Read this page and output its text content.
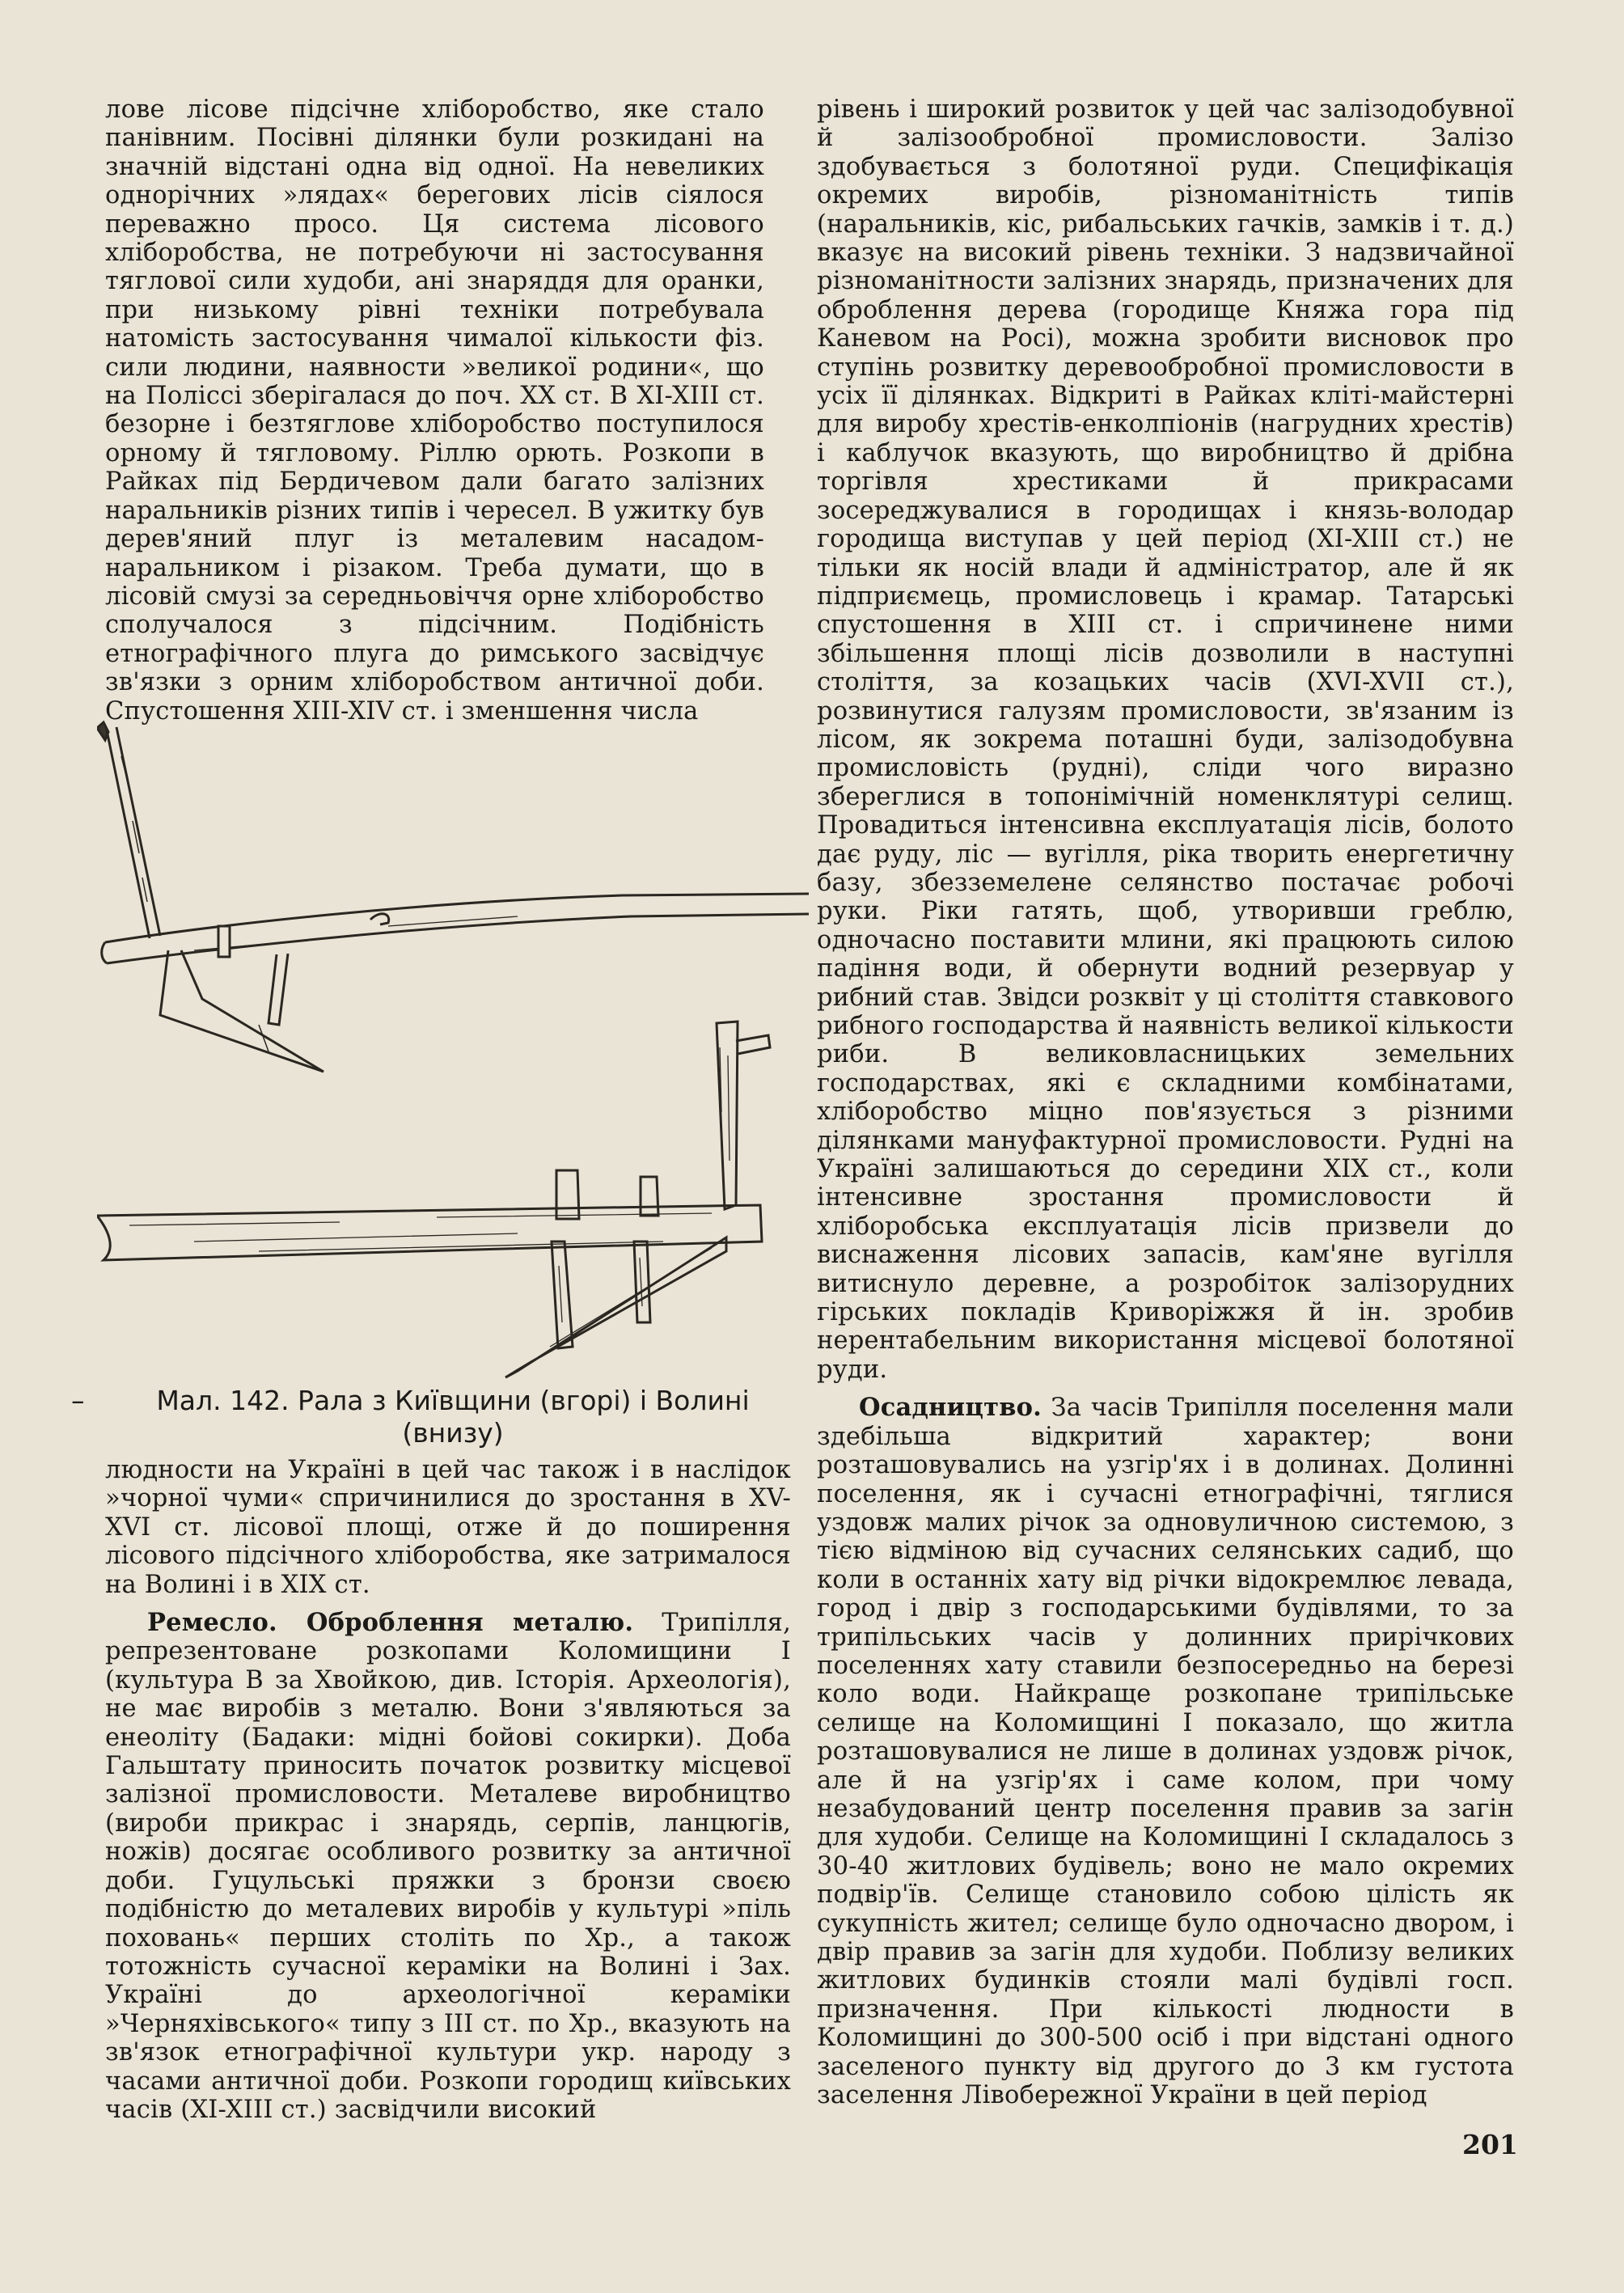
лове лісове підсічне хліборобство, яке стало панівним. Посівні ділянки були розкидані на значній відстані одна від одної. На невеликих однорічних »лядах« берегових лісів сіялося переважно просо. Ця система лісового хліборобства, не потребуючи ні застосування тяглової сили худоби, ані знаряддя для оранки, при низькому рівні техніки потребувала натомість застосування чималої кількости фіз. сили людини, наявности »великої родини«, що на Поліссі зберігалася до поч. XX ст. В XI-XIII ст. безорне і безтяглове хліборобство поступилося орному й тягловому. Ріллю орють. Розкопи в Райках під Бердичевом дали багато залізних наральників різних типів і чересел. В ужитку був дерев'яний плуг із металевим насадом-наральником і різаком. Треба думати, що в лісовій смузі за середньовіччя орне хліборобство сполучалося з підсічним. Подібність етнографічного плуга до римського засвідчує зв'язки з орним хліборобством античної доби. Спустошення XIII-XIV ст. і зменшення числа

–	Мал. 142. Рала з Київщини (вгорі) і Волині (внизу)

людности на Україні в цей час також і в наслідок »чорної чуми« спричинилися до зростання в XV-XVI ст. лісової площі, отже й до поширення лісового підсічного хліборобства, яке затрималося на Волині і в XIX ст.

Ремесло. Оброблення металю. Трипілля, репрезентоване розкопами Коломищини I (культура B за Хвойкою, див. Історія. Археологія), не має виробів з металю. Вони з'являються за енеоліту (Бадаки: мідні бойові сокирки). Доба Гальштату приносить початок розвитку місцевої залізної промисловости. Металеве виробництво (вироби прикрас і знарядь, серпів, ланцюгів, ножів) досягає особливого розвитку за античної доби. Гуцульські пряжки з бронзи своєю подібністю до металевих виробів у культурі »піль поховань« перших століть по Хр., а також тотожність сучасної кераміки на Волині і Зах. Україні до археологічної кераміки »Черняхівського« типу з III ст. по Хр., вказують на зв'язок етнографічної культури укр. народу з часами античної доби. Розкопи городищ київських часів (XI-XIII ст.) засвідчили високий

рівень і широкий розвиток у цей час залізодобувної й залізообробної промисловости. Залізо здобувається з болотяної руди. Специфікація окремих виробів, різноманітність типів (наральників, кіс, рибальських гачків, замків і т. д.) вказує на високий рівень техніки. З надзвичайної різноманітности залізних знарядь, призначених для оброблення дерева (городище Княжа гора під Каневом на Росі), можна зробити висновок про ступінь розвитку деревообробної промисловости в усіх її ділянках. Відкриті в Райках кліті-майстерні для виробу хрестів-енколпіонів (нагрудних хрестів) і каблучок вказують, що виробництво й дрібна торгівля хрестиками й прикрасами зосереджувалися в городищах і князь-володар городища виступав у цей період (XI-XIII ст.) не тільки як носій влади й адміністратор, але й як підприємець, промисловець і крамар. Татарські спустошення в XIII ст. і спричинене ними збільшення площі лісів дозволили в наступні століття, за козацьких часів (XVI-XVII ст.), розвинутися галузям промисловости, зв'язаним із лісом, як зокрема поташні буди, залізодобувна промисловість (рудні), сліди чого виразно збереглися в топонімічній номенклятурі селищ. Провадиться інтенсивна експлуатація лісів, болото дає руду, ліс — вугілля, ріка творить енергетичну базу, збезземелене селянство постачає робочі руки. Ріки гатять, щоб, утворивши греблю, одночасно поставити млини, які працюють силою падіння води, й обернути водний резервуар у рибний став. Звідси розквіт у ці століття ставкового рибного господарства й наявність великої кількости риби. В великовласницьких земельних господарствах, які є складними комбінатами, хліборобство міцно пов'язується з різними ділянками мануфактурної промисловости. Рудні на Україні залишаються до середини XIX ст., коли інтенсивне зростання промисловости й хліборобська експлуатація лісів призвели до виснаження лісових запасів, кам'яне вугілля витиснуло деревне, а розробіток залізорудних гірських покладів Криворіжжя й ін. зробив нерентабельним використання місцевої болотяної руди.

Осадництво. За часів Трипілля поселення мали здебільша відкритий характер; вони розташовувались на узгір'ях і в долинах. Долинні поселення, як і сучасні етнографічні, тяглися уздовж малих річок за одновуличною системою, з тією відміною від сучасних селянських садиб, що коли в останніх хату від річки відокремлює левада, город і двір з господарськими будівлями, то за трипільських часів у долинних прирічкових поселеннях хату ставили безпосередньо на березі коло води. Найкраще розкопане трипільське селище на Коломищині I показало, що житла розташовувалися не лише в долинах уздовж річок, але й на узгір'ях і саме колом, при чому незабудований центр поселення правив за загін для худоби. Селище на Коломищині I складалось з 30-40 житлових будівель; воно не мало окремих подвір'їв. Селище становило собою цілість як сукупність жител; селище було одночасно двором, і двір правив за загін для худоби. Поблизу великих житлових будинків стояли малі будівлі госп. призначення. При кількості людности в Коломищині до 300-500 осіб і при відстані одного заселеного пункту від другого до 3 км густота заселення Лівобережної України в цей період

201
